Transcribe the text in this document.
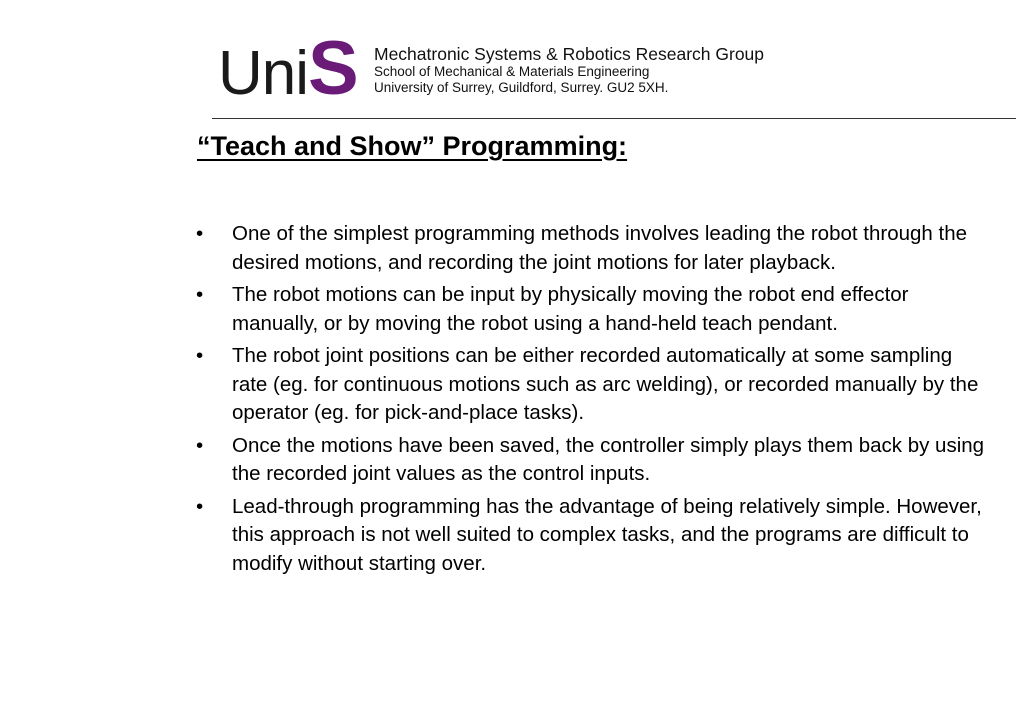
UniS Mechatronic Systems & Robotics Research Group
School of Mechanical & Materials Engineering
University of Surrey, Guildford, Surrey. GU2 5XH.
“Teach and Show” Programming:
•	One of the simplest programming methods involves leading the robot through the desired motions, and recording the joint motions for later playback.
•	The robot motions can be input by physically moving the robot end effector manually, or by moving the robot using a hand-held teach pendant.
•	The robot joint positions can be either recorded automatically at some sampling rate (eg. for continuous motions such as arc welding), or recorded manually by the operator (eg. for pick-and-place tasks).
•	Once the motions have been saved, the controller simply plays them back by using the recorded joint values as the control inputs.
•	Lead-through programming has the advantage of being relatively simple. However, this approach is not well suited to complex tasks, and the programs are difficult to modify without starting over.
